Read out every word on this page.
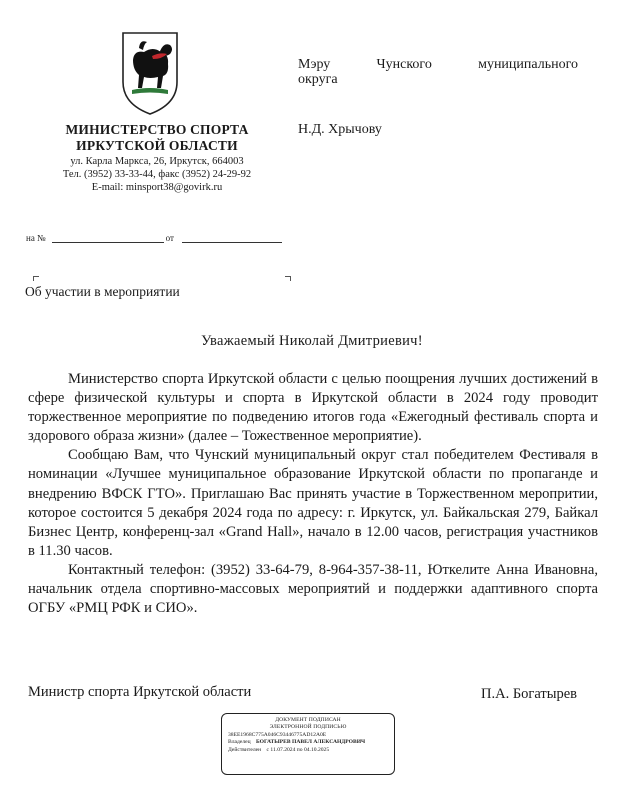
МИНИСТЕРСТВО СПОРТА
ИРКУТСКОЙ ОБЛАСТИ
ул. Карла Маркса, 26, Иркутск, 664003
Тел. (3952) 33-33-44, факс (3952) 24-29-92
E-mail: minsport38@govirk.ru
Мэру	Чунского	муниципального
округа
Н.Д. Хрычову
на №	от
Об участии в мероприятии
Уважаемый Николай Дмитриевич!

Министерство спорта Иркутской области с целью поощрения лучших достижений в сфере физической культуры и спорта в Иркутской области в 2024 году проводит торжественное мероприятие по подведению итогов года «Ежегодный фестиваль спорта и здорового образа жизни» (далее – Тожественное мероприятие).

Сообщаю Вам, что Чунский муниципальный округ стал победителем Фестиваля в номинации «Лучшее муниципальное образование Иркутской области по пропаганде и внедрению ВФСК ГТО». Приглашаю Вас принять участие в Торжественном меропритии, которое состоится 5 декабря 2024 года по адресу: г. Иркутск, ул. Байкальская 279, Байкал Бизнес Центр, конференц-зал «Grand Hall», начало в 12.00 часов, регистрация участников в 11.30 часов.

Контактный телефон: (3952) 33-64-79, 8-964-357-38-11, Юткелите Анна Ивановна, начальник отдела спортивно-массовых мероприятий и поддержки адаптивного спорта ОГБУ «РМЦ РФК и СИО».

Министр спорта Иркутской области	П.А. Богатырев
ДОКУМЕНТ ПОДПИСАН
ЭЛЕКТРОННОЙ ПОДПИСЬЮ
38EE1968C775A046C93446775AD12A0E
Владелец БОГАТЫРЕВ ПАВЕЛ АЛЕКСАНДРОВИЧ
Действителен с 11.07.2024 по 04.10.2025
